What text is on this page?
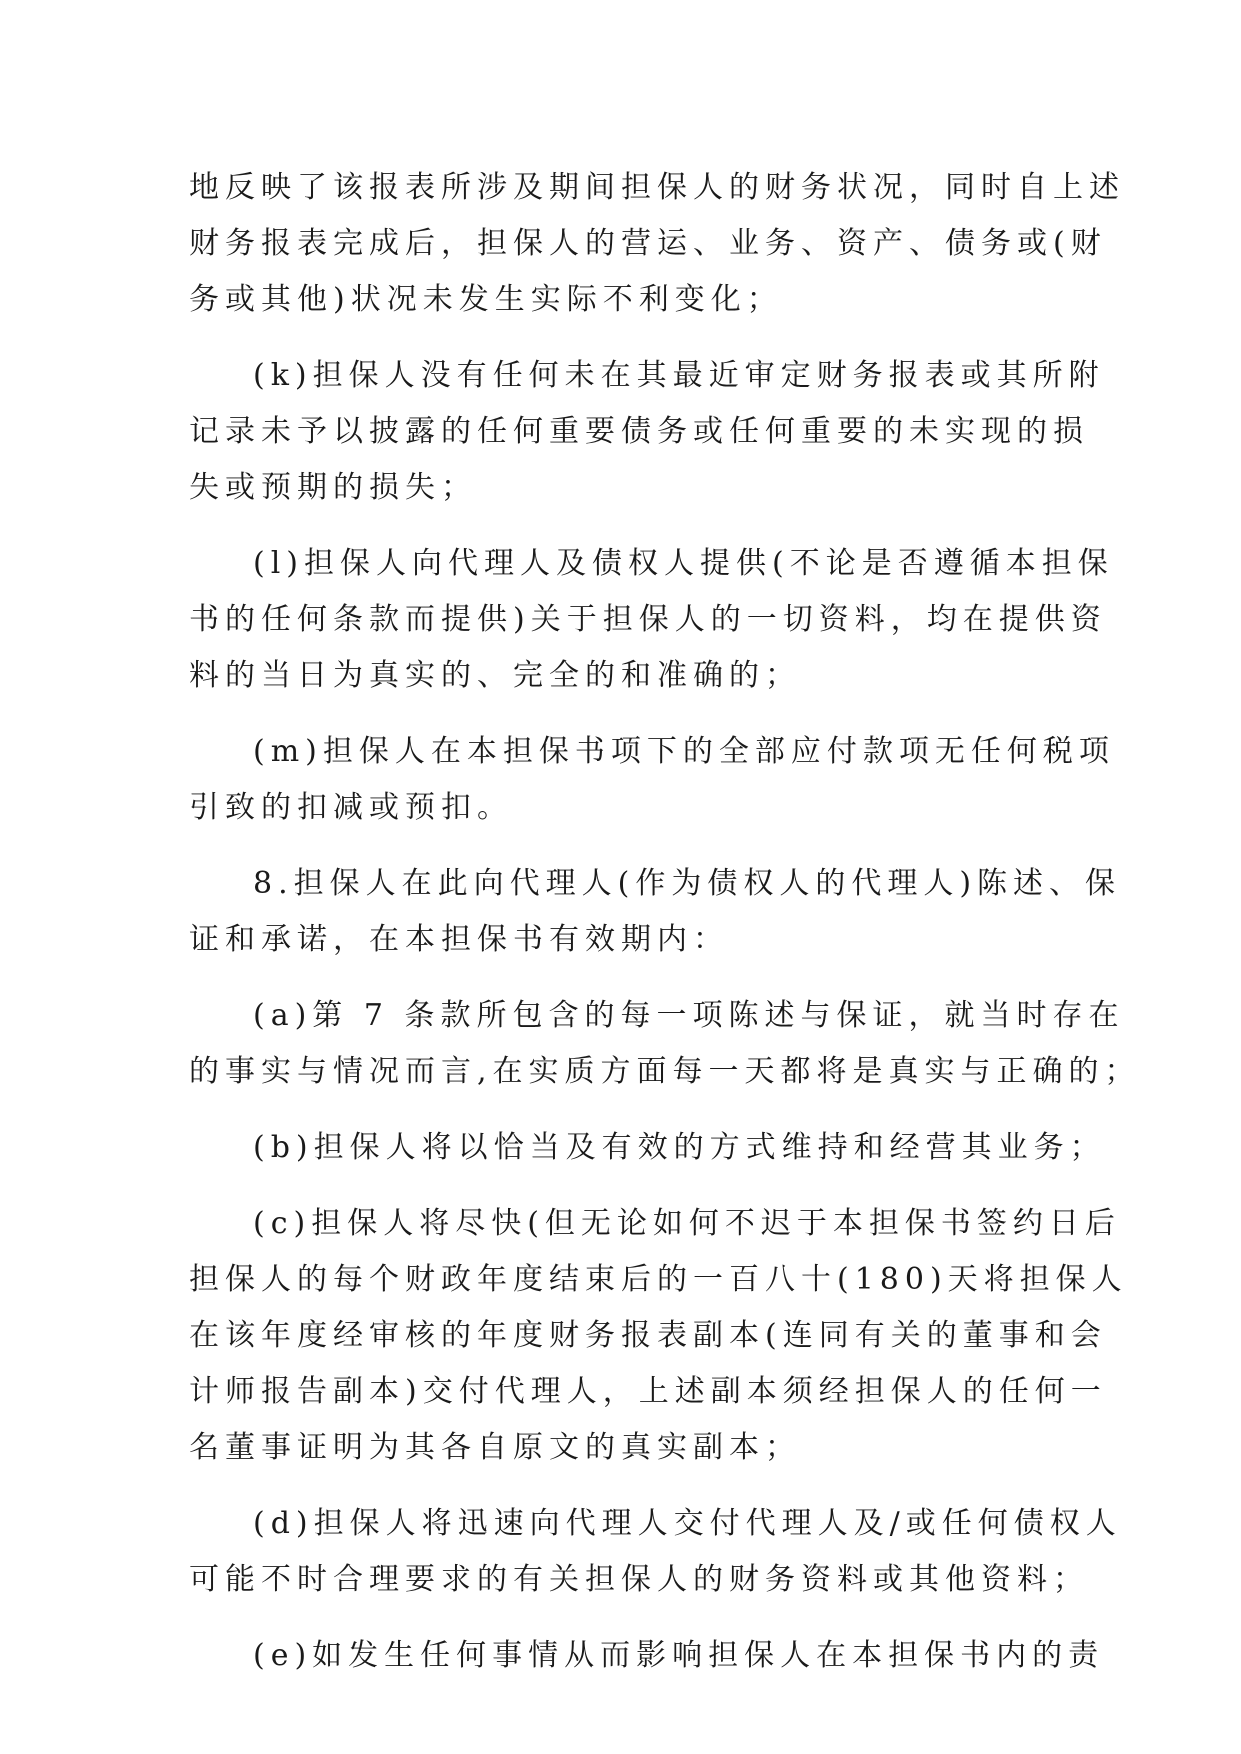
地反映了该报表所涉及期间担保人的财务状况，同时自上述
财务报表完成后，担保人的营运、业务、资产、债务或(财
务或其他)状况未发生实际不利变化；
(k)担保人没有任何未在其最近审定财务报表或其所附
记录未予以披露的任何重要债务或任何重要的未实现的损
失或预期的损失；
(l)担保人向代理人及债权人提供(不论是否遵循本担保
书的任何条款而提供)关于担保人的一切资料，均在提供资
料的当日为真实的、完全的和准确的；
(m)担保人在本担保书项下的全部应付款项无任何税项
引致的扣减或预扣。
8.担保人在此向代理人(作为债权人的代理人)陈述、保
证和承诺，在本担保书有效期内：
(a)第 7 条款所包含的每一项陈述与保证，就当时存在
的事实与情况而言,在实质方面每一天都将是真实与正确的；
(b)担保人将以恰当及有效的方式维持和经营其业务；
(c)担保人将尽快(但无论如何不迟于本担保书签约日后
担保人的每个财政年度结束后的一百八十(180)天将担保人
在该年度经审核的年度财务报表副本(连同有关的董事和会
计师报告副本)交付代理人，上述副本须经担保人的任何一
名董事证明为其各自原文的真实副本；
(d)担保人将迅速向代理人交付代理人及/或任何债权人
可能不时合理要求的有关担保人的财务资料或其他资料；
(e)如发生任何事情从而影响担保人在本担保书内的责
